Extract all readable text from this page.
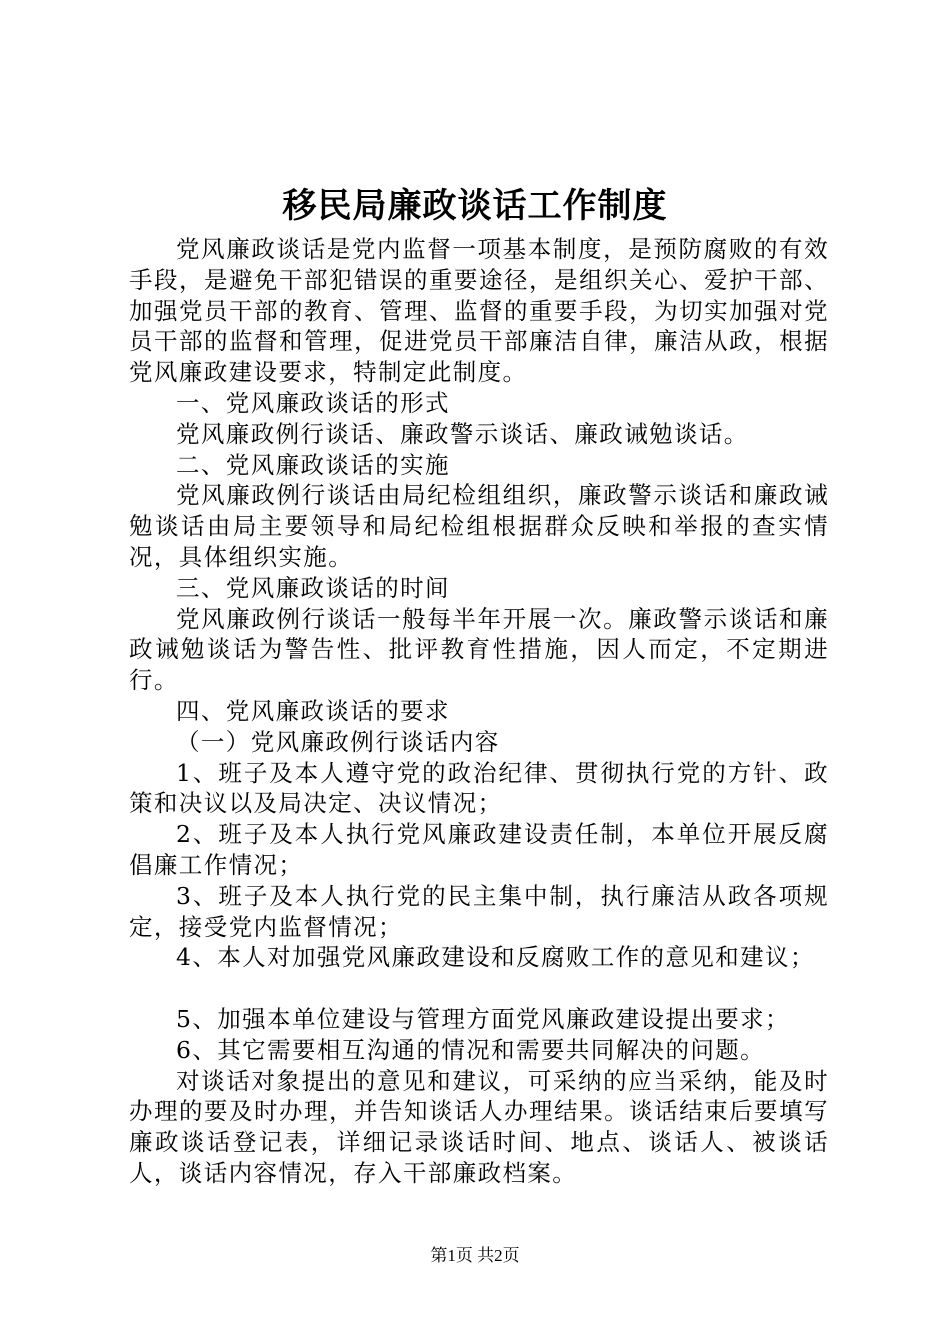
移民局廉政谈话工作制度

党风廉政谈话是党内监督一项基本制度，是预防腐败的有效手段，是避免干部犯错误的重要途径，是组织关心、爱护干部、加强党员干部的教育、管理、监督的重要手段，为切实加强对党员干部的监督和管理，促进党员干部廉洁自律，廉洁从政，根据党风廉政建设要求，特制定此制度。

一、党风廉政谈话的形式

党风廉政例行谈话、廉政警示谈话、廉政诫勉谈话。

二、党风廉政谈话的实施

党风廉政例行谈话由局纪检组组织，廉政警示谈话和廉政诫勉谈话由局主要领导和局纪检组根据群众反映和举报的查实情况，具体组织实施。

三、党风廉政谈话的时间

党风廉政例行谈话一般每半年开展一次。廉政警示谈话和廉政诫勉谈话为警告性、批评教育性措施，因人而定，不定期进行。

四、党风廉政谈话的要求

（一）党风廉政例行谈话内容

1、班子及本人遵守党的政治纪律、贯彻执行党的方针、政策和决议以及局决定、决议情况；

2、班子及本人执行党风廉政建设责任制，本单位开展反腐倡廉工作情况；

3、班子及本人执行党的民主集中制，执行廉洁从政各项规定，接受党内监督情况；

4、本人对加强党风廉政建设和反腐败工作的意见和建议；

5、加强本单位建设与管理方面党风廉政建设提出要求；

6、其它需要相互沟通的情况和需要共同解决的问题。

对谈话对象提出的意见和建议，可采纳的应当采纳，能及时办理的要及时办理，并告知谈话人办理结果。谈话结束后要填写廉政谈话登记表，详细记录谈话时间、地点、谈话人、被谈话人，谈话内容情况，存入干部廉政档案。

第1页 共2页
